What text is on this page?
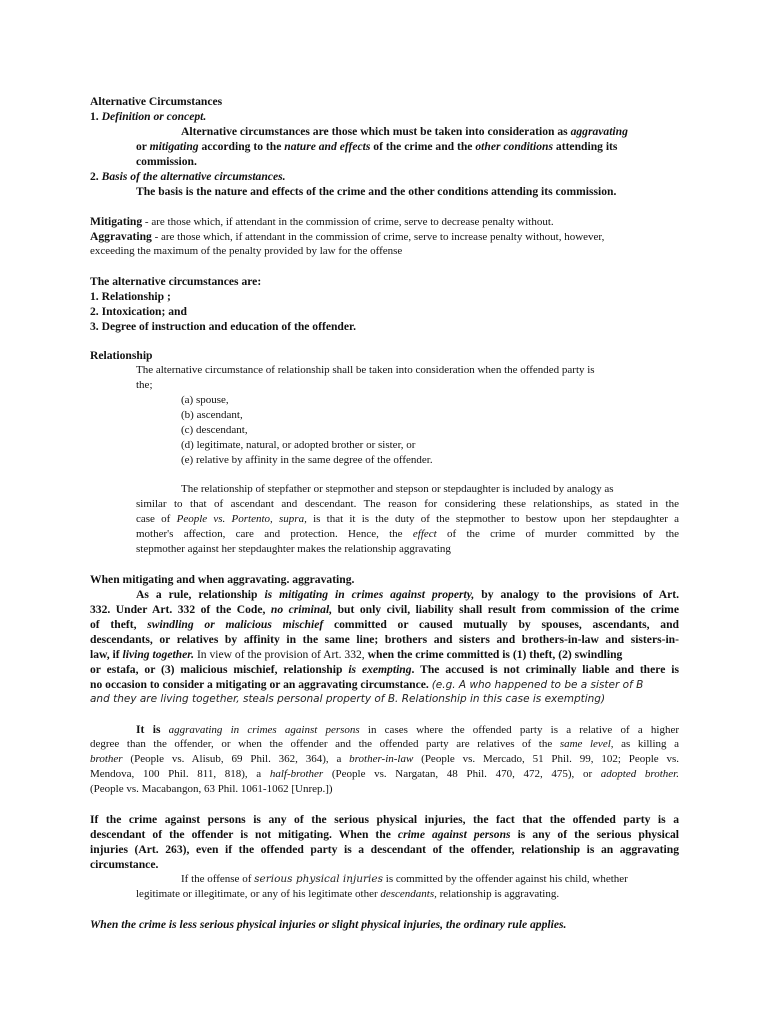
Alternative Circumstances
1. Definition or concept.
Alternative circumstances are those which must be taken into consideration as aggravating
or mitigating according to the nature and effects of the crime and the other conditions attending its
commission.
2. Basis of the alternative circumstances.
The basis is the nature and effects of the crime and the other conditions attending its commission.
Mitigating - are those which, if attendant in the commission of crime, serve to decrease penalty without.
Aggravating - are those which, if attendant in the commission of crime, serve to increase penalty without, however,
exceeding the maximum of the penalty provided by law for the offense
The alternative circumstances are:
1. Relationship ;
2. Intoxication; and
3. Degree of instruction and education of the offender.
Relationship
The alternative circumstance of relationship shall be taken into consideration when the offended party is
the;
(a) spouse,
(b) ascendant,
(c) descendant,
(d) legitimate, natural, or adopted brother or sister, or
(e) relative by affinity in the same degree of the offender.
The relationship of stepfather or stepmother and stepson or stepdaughter is included by analogy as
similar to that of ascendant and descendant. The reason for considering these relationships, as stated in the
case of People vs. Portento, supra, is that it is the duty of the stepmother to bestow upon her stepdaughter a
mother's affection, care and protection. Hence, the effect of the crime of murder committed by the
stepmother against her stepdaughter makes the relationship aggravating
When mitigating and when aggravating. aggravating.
As a rule, relationship is mitigating in crimes against property, by analogy to the provisions of Art.
332. Under Art. 332 of the Code, no criminal, but only civil, liability shall result from commission of the crime
of theft, swindling or malicious mischief committed or caused mutually by spouses, ascendants, and
descendants, or relatives by affinity in the same line; brothers and sisters and brothers-in-law and sisters-in-
law, if living together. In view of the provision of Art. 332, when the crime committed is (1) theft, (2) swindling
or estafa, or (3) malicious mischief, relationship is exempting. The accused is not criminally liable and there is
no occasion to consider a mitigating or an aggravating circumstance. (e.g. A who happened to be a sister of B
and they are living together, steals personal property of B. Relationship in this case is exempting)
It is aggravating in crimes against persons in cases where the offended party is a relative of a higher
degree than the offender, or when the offender and the offended party are relatives of the same level, as killing a
brother (People vs. Alisub, 69 Phil. 362, 364), a brother-in-law (People vs. Mercado, 51 Phil. 99, 102; People vs.
Mendova, 100 Phil. 811, 818), a half-brother (People vs. Nargatan, 48 Phil. 470, 472, 475), or adopted brother.
(People vs. Macabangon, 63 Phil. 1061-1062 [Unrep.])
If the crime against persons is any of the serious physical injuries, the fact that the offended party is a
descendant of the offender is not mitigating. When the crime against persons is any of the serious physical
injuries (Art. 263), even if the offended party is a descendant of the offender, relationship is an aggravating
circumstance.
If the offense of serious physical injuries is committed by the offender against his child, whether
legitimate or illegitimate, or any of his legitimate other descendants, relationship is aggravating.
When the crime is less serious physical injuries or slight physical injuries, the ordinary rule applies.
